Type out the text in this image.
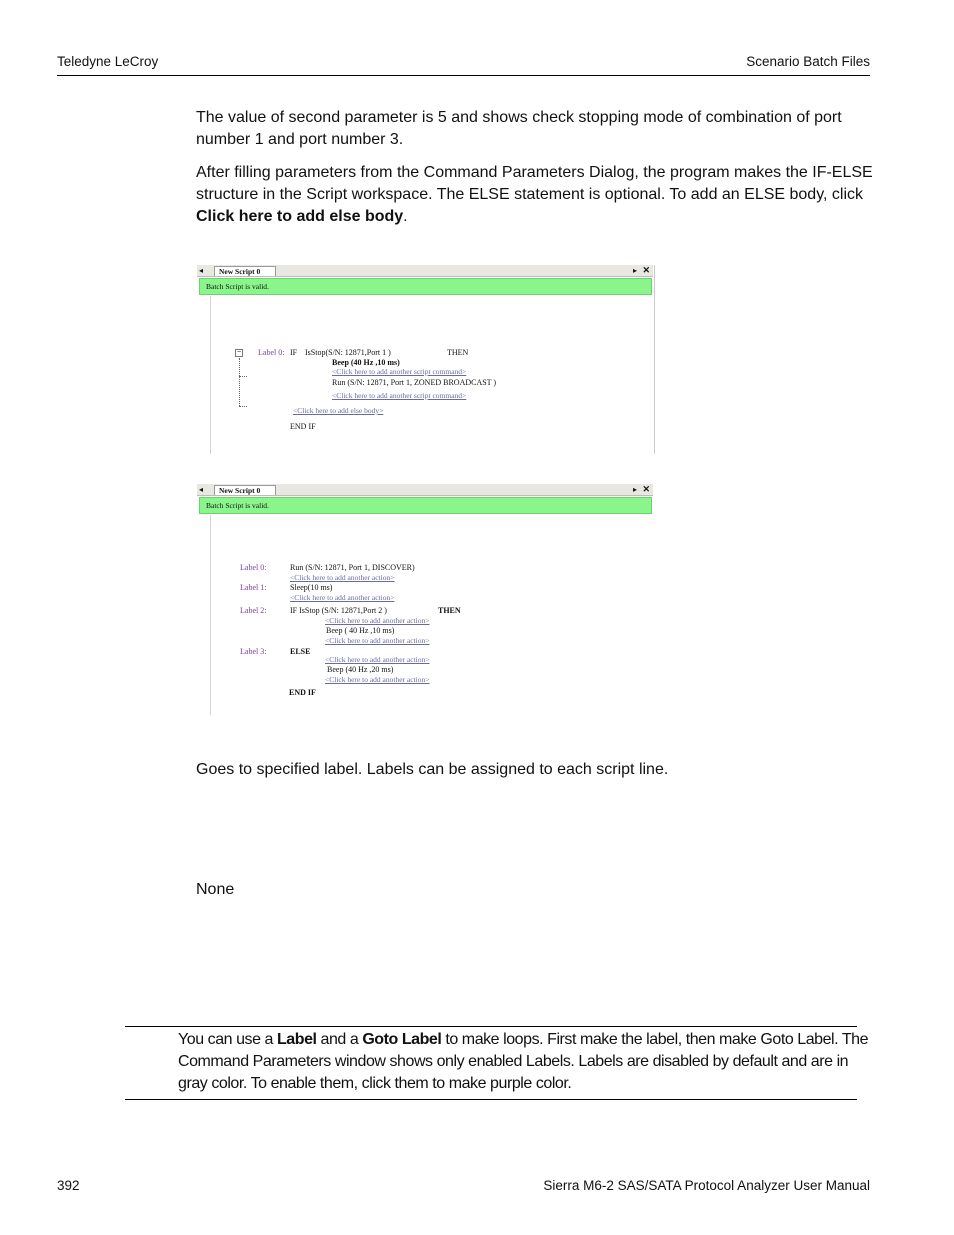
Teledyne LeCroy	Scenario Batch Files

The value of second parameter is 5 and shows check stopping mode of combination of port number 1 and port number 3.

After filling parameters from the Command Parameters Dialog, the program makes the IF-ELSE structure in the Script workspace. The ELSE statement is optional. To add an ELSE body, click Click here to add else body.

◂	New Script 0	▸ ✕
Batch Script is valid.
− Label 0: IF IsStop(S/N: 12871,Port 1 )	THEN
Beep (40 Hz ,10 ms)
<Click here to add another script command>
Run (S/N: 12871, Port 1, ZONED BROADCAST )
<Click here to add another script command>
<Click here to add else body>
END IF
◂	New Script 0	▸ ✕
Batch Script is valid.
Label 0:	Run (S/N: 12871, Port 1, DISCOVER)
<Click here to add another action>
Label 1:	Sleep(10 ms)
<Click here to add another action>
Label 2:	IF IsStop (S/N: 12871,Port 2 )	THEN
<Click here to add another action>
Beep ( 40 Hz ,10 ms)
<Click here to add another action>
Label 3:	ELSE
<Click here to add another action>
Beep (40 Hz ,20 ms)
<Click here to add another action>
END IF

Goes to specified label. Labels can be assigned to each script line.

None

You can use a Label and a Goto Label to make loops. First make the label, then make Goto Label. The Command Parameters window shows only enabled Labels. Labels are disabled by default and are in gray color. To enable them, click them to make purple color.

392	Sierra M6-2 SAS/SATA Protocol Analyzer User Manual
